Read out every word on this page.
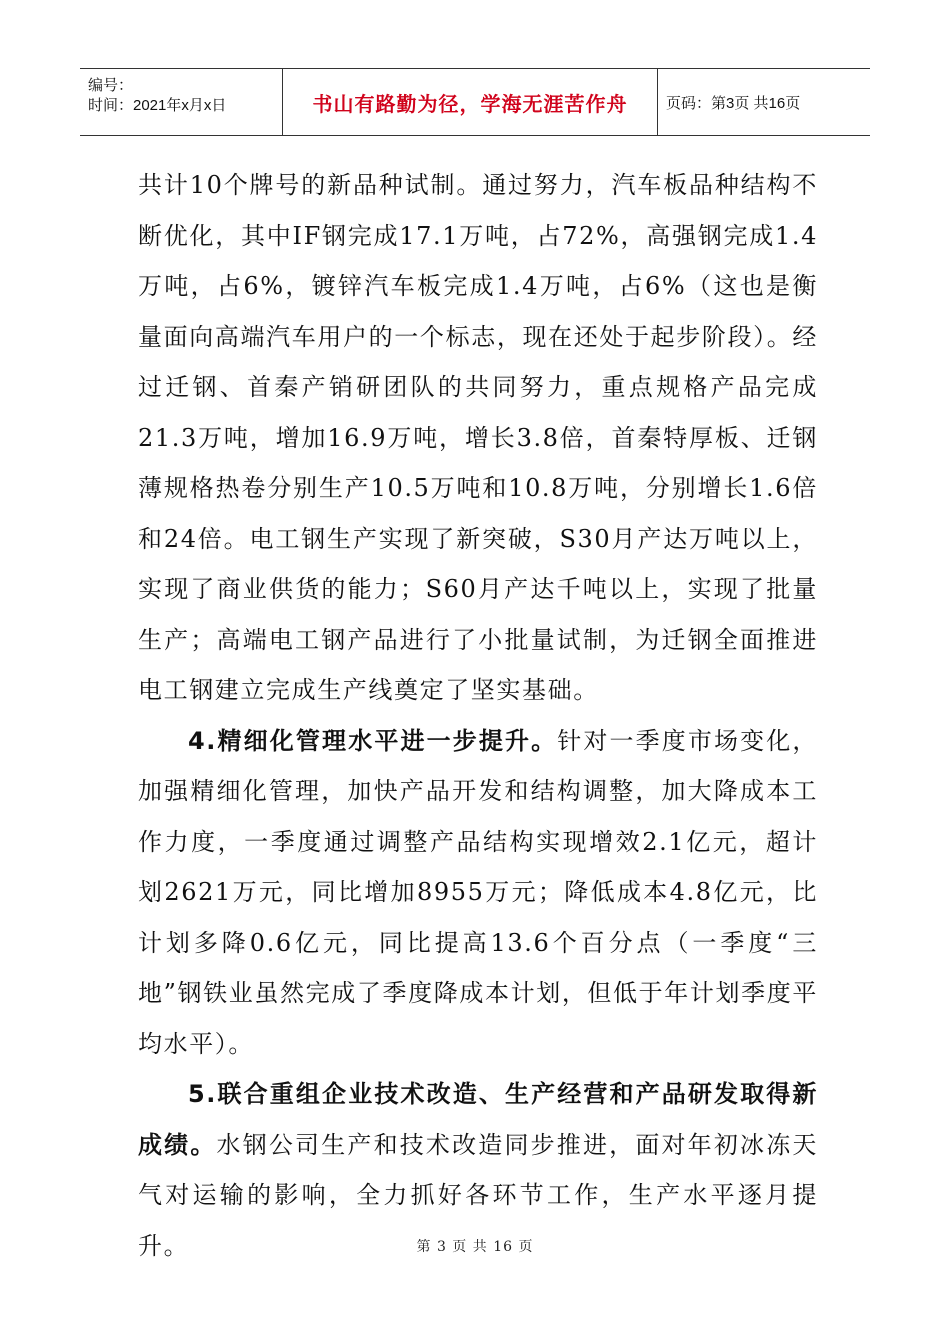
编号：
时间：2021年x月x日	书山有路勤为径，学海无涯苦作舟	页码：第3页 共16页

共计10个牌号的新品种试制。通过努力，汽车板品种结构不断优化，其中IF钢完成17.1万吨，占72%，高强钢完成1.4万吨，占6%，镀锌汽车板完成1.4万吨，占6%（这也是衡量面向高端汽车用户的一个标志，现在还处于起步阶段）。经过迁钢、首秦产销研团队的共同努力，重点规格产品完成21.3万吨，增加16.9万吨，增长3.8倍，首秦特厚板、迁钢薄规格热卷分别生产10.5万吨和10.8万吨，分别增长1.6倍和24倍。电工钢生产实现了新突破，S30月产达万吨以上，实现了商业供货的能力；S60月产达千吨以上，实现了批量生产；高端电工钢产品进行了小批量试制，为迁钢全面推进电工钢建立完成生产线奠定了坚实基础。

4.精细化管理水平进一步提升。针对一季度市场变化，加强精细化管理，加快产品开发和结构调整，加大降成本工作力度，一季度通过调整产品结构实现增效2.1亿元，超计划2621万元，同比增加8955万元；降低成本4.8亿元，比计划多降0.6亿元，同比提高13.6个百分点（一季度“三地”钢铁业虽然完成了季度降成本计划，但低于年计划季度平均水平）。

5.联合重组企业技术改造、生产经营和产品研发取得新成绩。水钢公司生产和技术改造同步推进，面对年初冰冻天气对运输的影响，全力抓好各环节工作，生产水平逐月提升。	第 3 页 共 16 页
